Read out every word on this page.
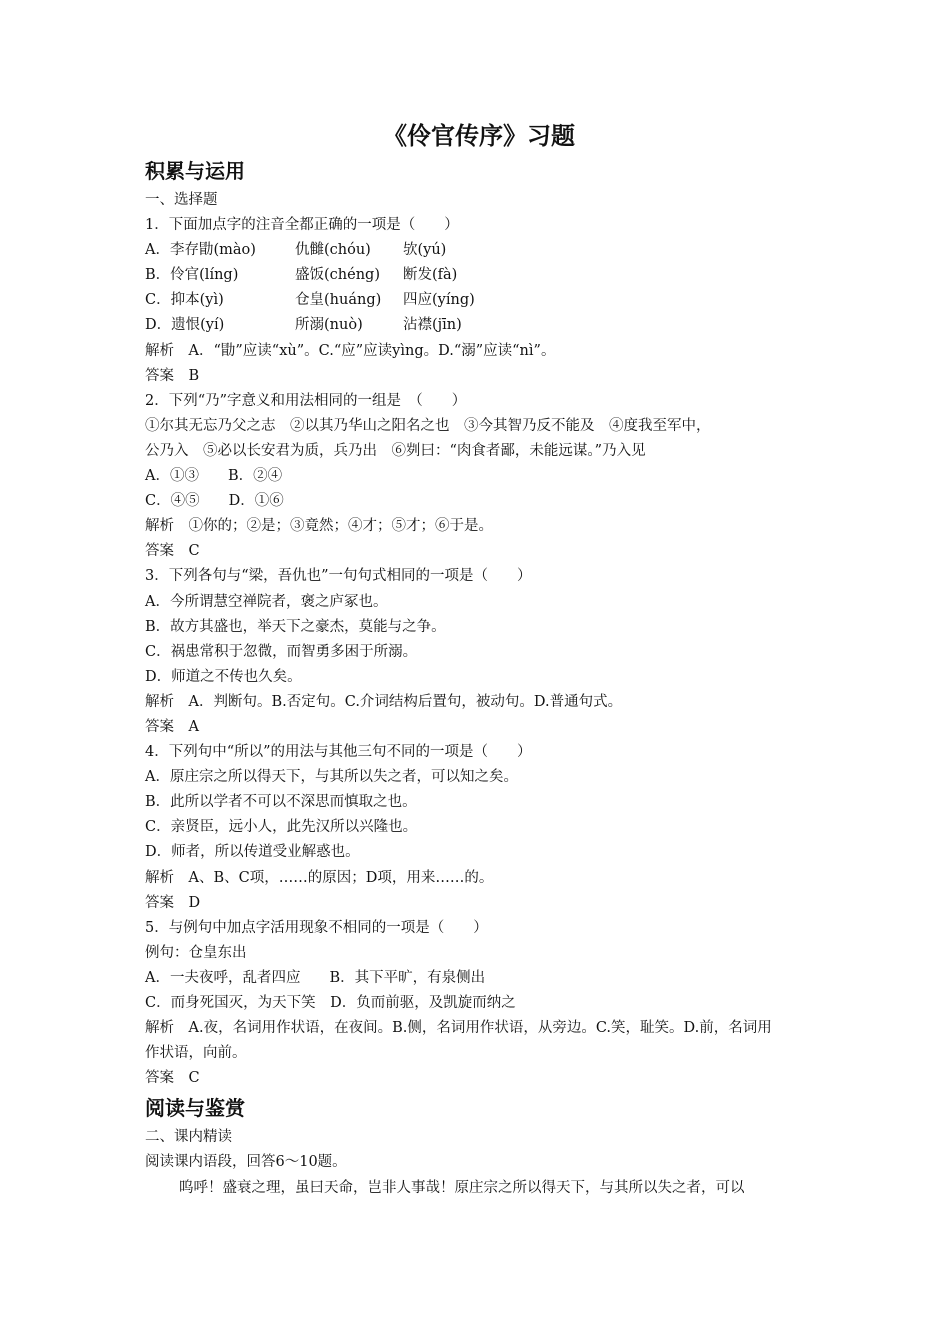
《伶官传序》习题
积累与运用
一、选择题
1．下面加点字的注音全都正确的一项是（　　）
A．李存勖(mào)	仇雠(chóu) 欤(yú)
B．伶官(líng)	盛饭(chéng) 断发(fà)
C．抑本(yì)	仓皇(huáng) 四应(yíng)
D．遗恨(yí)	所溺(nuò)	沾襟(jīn)
解析　A．“勖”应读“xù”。C.“应”应读yìng。D.“溺”应读“nì”。
答案　B
2．下列“乃”字意义和用法相同的一组是　（　　）
①尔其无忘乃父之志　②以其乃华山之阳名之也　③今其智乃反不能及　④度我至军中，
公乃入　⑤必以长安君为质，兵乃出　⑥刿曰：“肉食者鄙，未能远谋。”乃入见
A．①③　　B．②④
C．④⑤　　D．①⑥
解析　①你的；②是；③竟然；④才；⑤才；⑥于是。
答案　C
3．下列各句与“梁，吾仇也”一句句式相同的一项是（　　）
A．今所谓慧空禅院者，褒之庐冢也。
B．故方其盛也，举天下之豪杰，莫能与之争。
C．祸患常积于忽微，而智勇多困于所溺。
D．师道之不传也久矣。
解析　A．判断句。B.否定句。C.介词结构后置句，被动句。D.普通句式。
答案　A
4．下列句中“所以”的用法与其他三句不同的一项是（　　）
A．原庄宗之所以得天下，与其所以失之者，可以知之矣。
B．此所以学者不可以不深思而慎取之也。
C．亲贤臣，远小人，此先汉所以兴隆也。
D．师者，所以传道受业解惑也。
解析　A、B、C项，……的原因；D项，用来……的。
答案　D
5．与例句中加点字活用现象不相同的一项是（　　）
例句：仓皇东出
A．一夫夜呼，乱者四应　　B．其下平旷，有泉侧出
C．而身死国灭，为天下笑　D．负而前驱，及凯旋而纳之
解析　A.夜，名词用作状语，在夜间。B.侧，名词用作状语，从旁边。C.笑，耻笑。D.前，名词用
作状语，向前。
答案　C
阅读与鉴赏
二、课内精读
阅读课内语段，回答6～10题。
呜呼！盛衰之理，虽曰天命，岂非人事哉！原庄宗之所以得天下，与其所以失之者，可以
